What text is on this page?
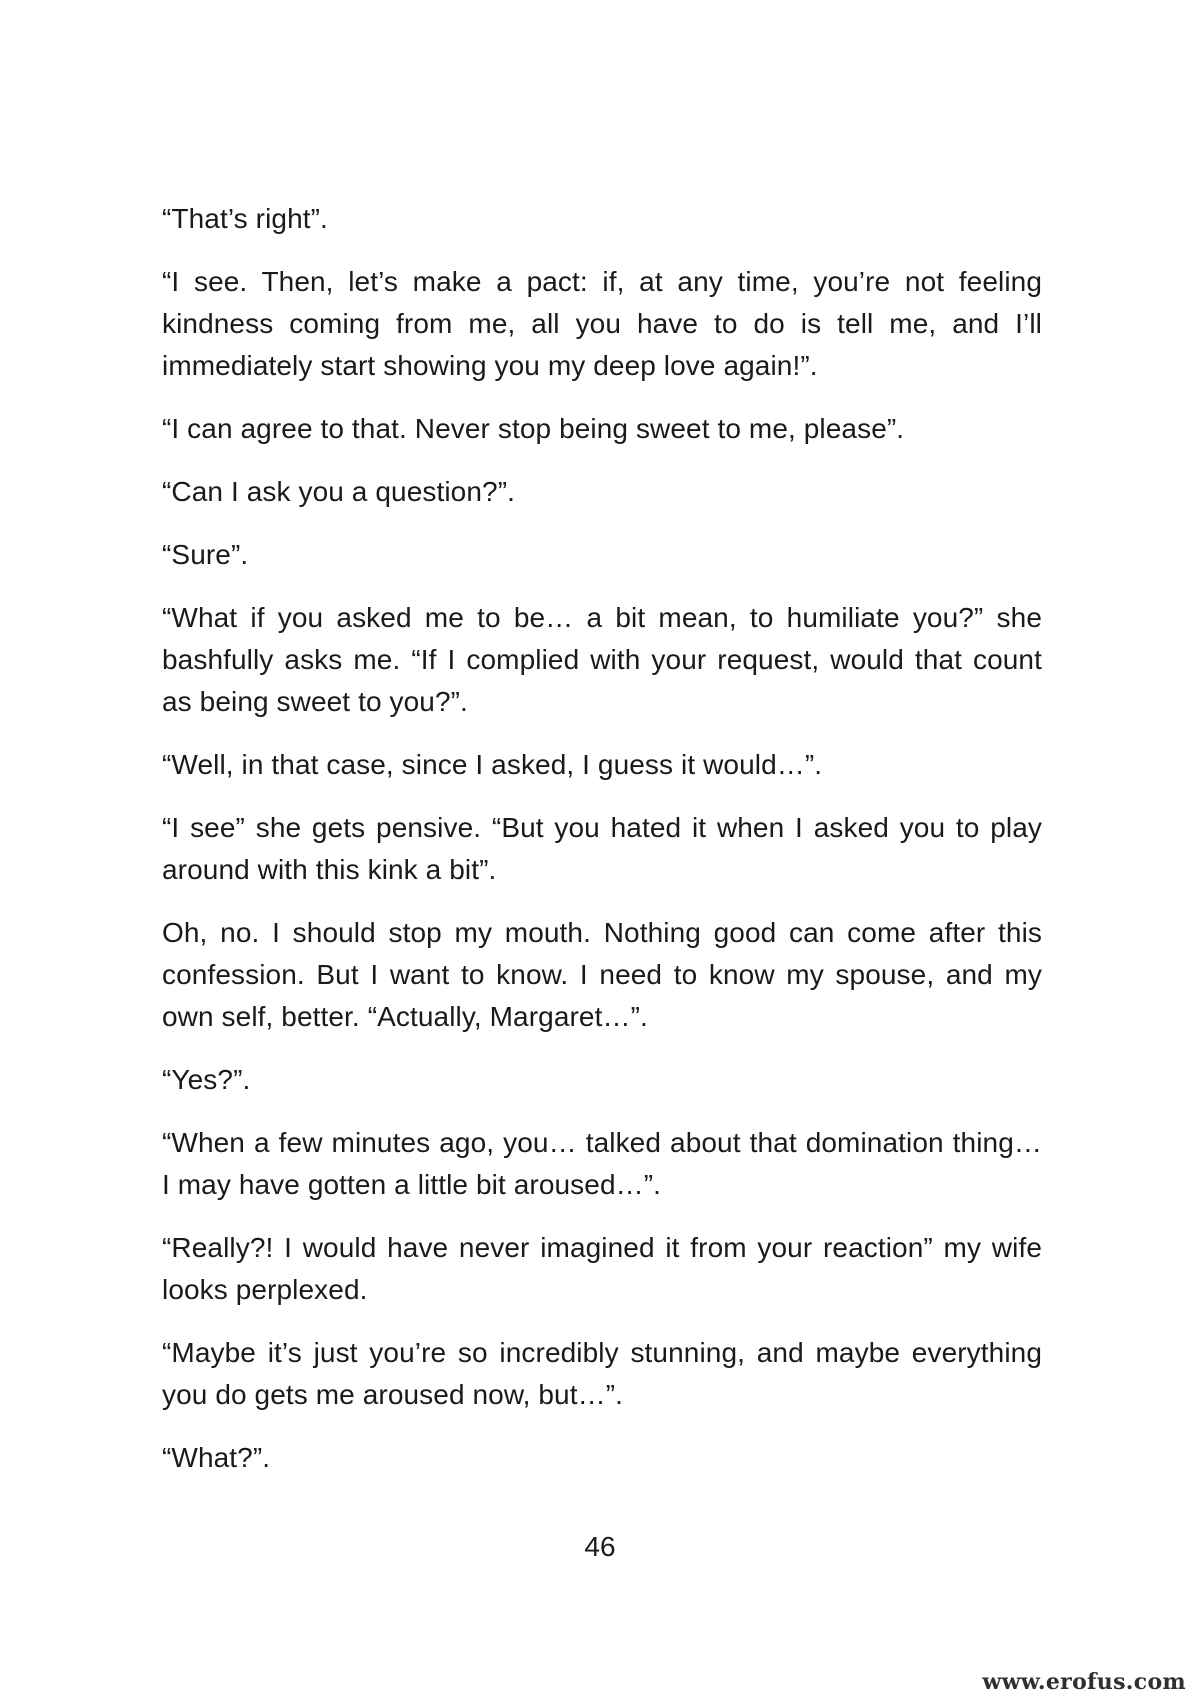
“That’s right”.

“I see. Then, let’s make a pact: if, at any time, you’re not feeling kindness coming from me, all you have to do is tell me, and I’ll immediately start showing you my deep love again!”.

“I can agree to that. Never stop being sweet to me, please”.

“Can I ask you a question?”.

“Sure”.

“What if you asked me to be… a bit mean, to humiliate you?” she bashfully asks me. “If I complied with your request, would that count as being sweet to you?”.

“Well, in that case, since I asked, I guess it would…”.

“I see” she gets pensive. “But you hated it when I asked you to play around with this kink a bit”.

Oh, no. I should stop my mouth. Nothing good can come after this confession. But I want to know. I need to know my spouse, and my own self, better. “Actually, Margaret…”.

“Yes?”.

“When a few minutes ago, you… talked about that domination thing… I may have gotten a little bit aroused…”.

“Really?! I would have never imagined it from your reaction” my wife looks perplexed.

“Maybe it’s just you’re so incredibly stunning, and maybe everything you do gets me aroused now, but…”.

“What?”.

46
www.erofus.com
